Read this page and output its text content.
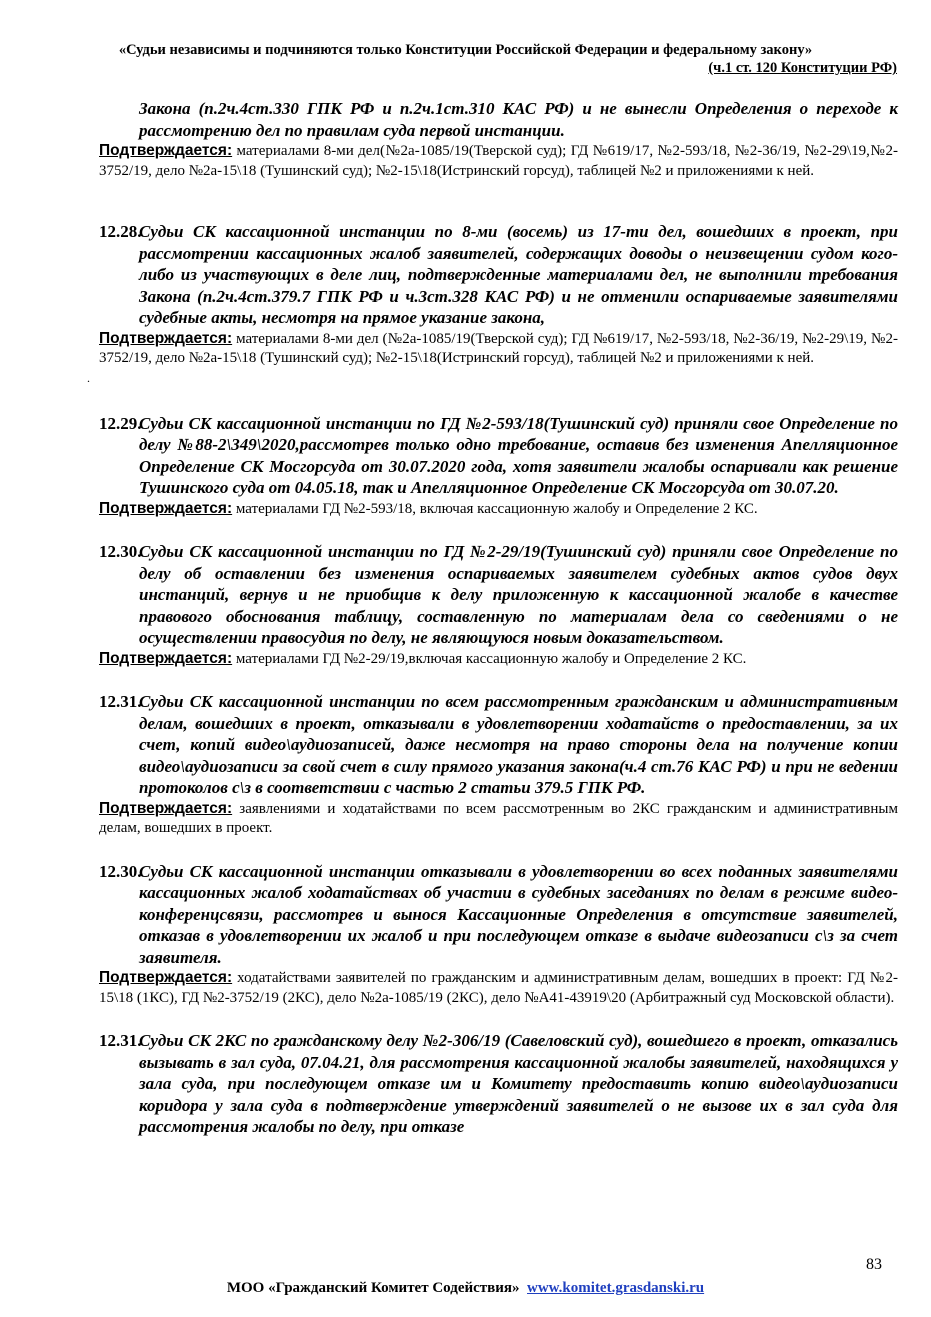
«Судьи независимы и подчиняются только Конституции Российской Федерации и федеральному закону»
(ч.1 ст. 120 Конституции РФ)
Закона (п.2ч.4ст.330 ГПК РФ и п.2ч.1ст.310 КАС РФ) и не вынесли Определения о переходе к рассмотрению дел по правилам суда первой инстанции.
Подтверждается: материалами 8-ми дел(№2а-1085/19(Тверской суд); ГД №619/17, №2-593/18, №2-36/19, №2-29\19,№2-3752/19, дело №2а-15\18 (Тушинский суд); №2-15\18(Истринский горсуд), таблицей №2 и приложениями к ней.
12.28.
Судьи СК кассационной инстанции по 8-ми (восемь) из 17-ти дел, вошедших в проект, при рассмотрении кассационных жалоб заявителей, содержащих доводы о неизвещении судом кого-либо из участвующих в деле лиц, подтвержденные материалами дел, не выполнили требования Закона (п.2ч.4ст.379.7 ГПК РФ и ч.3ст.328 КАС РФ) и не отменили оспариваемые заявителями судебные акты, несмотря на прямое указание закона,
Подтверждается: материалами 8-ми дел (№2а-1085/19(Тверской суд); ГД №619/17, №2-593/18, №2-36/19, №2-29\19, №2-3752/19, дело №2а-15\18 (Тушинский суд); №2-15\18(Истринский горсуд), таблицей №2 и приложениями к ней.
.
12.29.
Судьи СК кассационной инстанции по ГД №2-593/18(Тушинский суд) приняли свое Определение по делу №88-2\349\2020,рассмотрев только одно требование, оставив без изменения Апелляционное Определение СК Мосгорсуда от 30.07.2020 года, хотя заявители жалобы оспаривали как решение Тушинского суда от 04.05.18, так и Апелляционное Определение СК Мосгорсуда от 30.07.20.
Подтверждается: материалами ГД №2-593/18, включая кассационную жалобу и Определение 2 КС.
12.30.
Судьи СК кассационной инстанции по ГД №2-29/19(Тушинский суд) приняли свое Определение по делу об оставлении без изменения оспариваемых заявителем судебных актов судов двух инстанций, вернув и не приобщив к делу приложенную к кассационной жалобе в качестве правового обоснования таблицу, составленную по материалам дела со сведениями о не осуществлении правосудия по делу, не являющуюся новым доказательством.
Подтверждается: материалами ГД №2-29/19,включая кассационную жалобу и Определение 2 КС.
12.31.
Судьи СК кассационной инстанции по всем рассмотренным гражданским и административным делам, вошедших в проект, отказывали в удовлетворении ходатайств о предоставлении, за их счет, копий видео\аудиозаписей, даже несмотря на право стороны дела на получение копии видео\аудиозаписи за свой счет в силу прямого указания закона(ч.4 ст.76 КАС РФ) и при не ведении протоколов с\з в соответствии с частью 2 статьи 379.5 ГПК РФ.
Подтверждается: заявлениями и ходатайствами по всем рассмотренным во 2КС гражданским и административным делам, вошедших в проект.
12.30.
Судьи СК кассационной инстанции отказывали в удовлетворении во всех поданных заявителями кассационных жалоб ходатайствах об участии в судебных заседаниях по делам в режиме видео-конференцсвязи, рассмотрев и вынося Кассационные Определения в отсутствие заявителей, отказав в удовлетворении их жалоб и при последующем отказе в выдаче видеозаписи с\з за счет заявителя.
Подтверждается: ходатайствами заявителей по гражданским и административным делам, вошедших в проект: ГД №2-15\18 (1КС), ГД №2-3752/19 (2КС), дело №2а-1085/19 (2КС), дело №А41-43919\20 (Арбитражный суд Московской области).
12.31.
Судьи СК 2КС по гражданскому делу №2-306/19 (Савеловский суд), вошедшего в проект, отказались вызывать в зал суда, 07.04.21, для рассмотрения кассационной жалобы заявителей, находящихся у зала суда, при последующем отказе им и Комитету предоставить копию видео\аудиозаписи коридора у зала суда в подтверждение утверждений заявителей о не вызове их в зал суда для рассмотрения жалобы по делу, при отказе
83
МОО «Гражданский Комитет Содействия» www.komitet.grasdanski.ru
